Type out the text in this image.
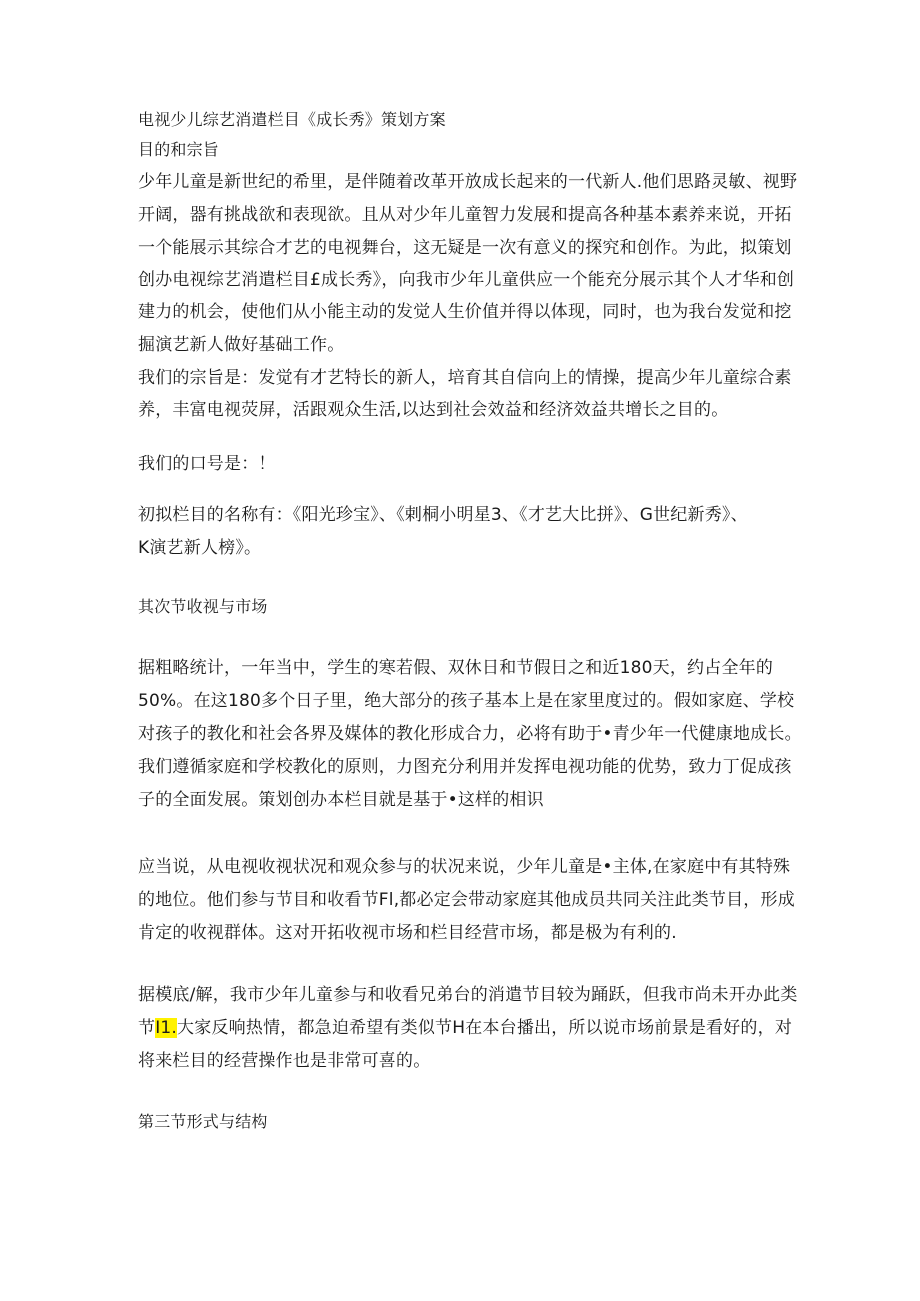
电视少儿综艺消遣栏目《成长秀》策划方案
目的和宗旨
少年儿童是新世纪的希里，是伴随着改革开放成长起来的一代新人.他们思路灵敏、视野
开阔，器有挑战欲和表现欲。且从对少年儿童智力发展和提高各种基本素养来说，开拓
一个能展示其综合才艺的电视舞台，这无疑是一次有意义的探究和创作。为此，拟策划
创办电视综艺消遣栏目£成长秀》，向我市少年儿童供应一个能充分展示其个人才华和创
建力的机会，使他们从小能主动的发觉人生价值并得以体现，同时，也为我台发觉和挖
掘演艺新人做好基础工作。
我们的宗旨是：发觉有才艺特长的新人，培育其自信向上的情操，提高少年儿童综合素
养，丰富电视荧屏，活跟观众生活,以达到社会效益和经济效益共增长之目的。
我们的口号是：！
初拟栏目的名称有：《阳光珍宝》、《剌桐小明星3、《才艺大比拼》、G世纪新秀》、
K演艺新人榜》。
其次节收视与市场
据粗略统计，一年当中，学生的寒若假、双休日和节假日之和近180天，约占全年的
50%。在这180多个日子里，绝大部分的孩子基本上是在家里度过的。假如家庭、学校
对孩子的教化和社会各界及媒体的教化形成合力，必将有助于•青少年一代健康地成长。
我们遵循家庭和学校教化的原则，力图充分利用并发挥电视功能的优势，致力丁促成孩
子的全面发展。策划创办本栏目就是基于•这样的相识
应当说，从电视收视状况和观众参与的状况来说，少年儿童是•主体,在家庭中有其特殊
的地位。他们参与节目和收看节Fl,都必定会带动家庭其他成员共同关注此类节目，形成
肯定的收视群体。这对开拓收视市场和栏目经营市场，都是极为有利的.
据模底/解，我市少年儿童参与和收看兄弟台的消遣节目较为踊跃，但我市尚未开办此类
节I1.大家反响热情，都急迫希望有类似节H在本台播出，所以说市场前景是看好的，对
将来栏目的经营操作也是非常可喜的。
第三节形式与结构
